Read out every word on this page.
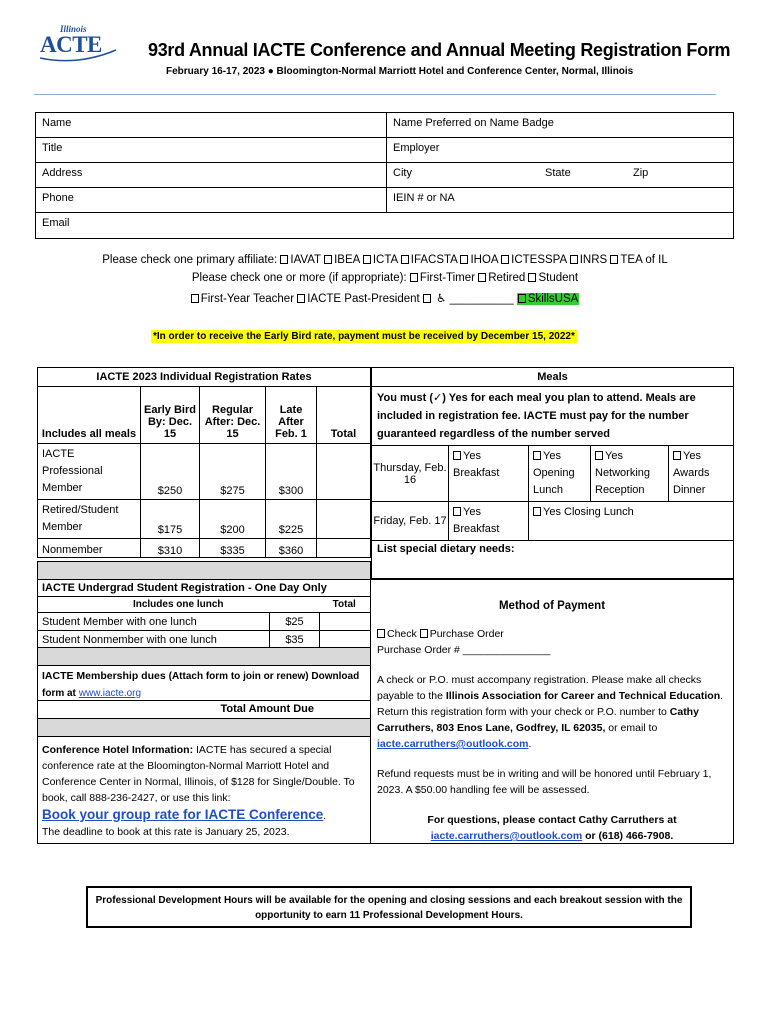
Illinois
ACTE	93rd Annual IACTE Conference and Annual Meeting Registration Form
February 16-17, 2023 ● Bloomington-Normal Marriott Hotel and Conference Center, Normal, Illinois
Name	Name Preferred on Name Badge
Title	Employer
Address	City	State	Zip
Phone	IEIN # or NA
Email
Please check one primary affiliate: IAVAT IBEA ICTA IFACSTA IHOA ICTESSPA INRS TEA of IL
Please check one or more (if appropriate): First-Timer Retired Student
First-Year Teacher IACTE Past-President ♿ __________ SkillsUSA
*In order to receive the Early Bird rate, payment must be received by December 15, 2022*
IACTE 2023 Individual Registration Rates				
Includes all meals	Early Bird By: Dec. 15	Regular After: Dec. 15	Late After Feb. 1	Total
IACTE Professional Member	$250	$275	$300	
Retired/Student Member	$175	$200	$225	
Nonmember	$310	$335	$360	
Meals				
You must (✓) Yes for each meal you plan to attend. Meals are included in registration fee. IACTE must pay for the number guaranteed regardless of the number served				
Thursday, Feb. 16	Yes Breakfast	Yes Opening Lunch	Yes Networking Reception	Yes Awards Dinner
Friday, Feb. 17	Yes Breakfast	Yes Closing Lunch		
List special dietary needs:				
IACTE Undergrad Student Registration - One Day Only
Includes one lunch	Total
Student Member with one lunch	$25	
Student Nonmember with one lunch	$35	
IACTE Membership dues (Attach form to join or renew) Download form at www.iacte.org
Total Amount Due
Conference Hotel Information: IACTE has secured a special conference rate at the Bloomington-Normal Marriott Hotel and Conference Center in Normal, Illinois, of $128 for Single/Double. To book, call 888-236-2427, or use this link:
Book your group rate for IACTE Conference.
The deadline to book at this rate is January 25, 2023.
Method of Payment
Check Purchase Order
Purchase Order # _______________
A check or P.O. must accompany registration. Please make all checks payable to the Illinois Association for Career and Technical Education. Return this registration form with your check or P.O. number to Cathy Carruthers, 803 Enos Lane, Godfrey, IL 62035, or email to iacte.carruthers@outlook.com.
Refund requests must be in writing and will be honored until February 1, 2023. A $50.00 handling fee will be assessed.
For questions, please contact Cathy Carruthers at
iacte.carruthers@outlook.com or (618) 466-7908.
Professional Development Hours will be available for the opening and closing sessions and each breakout session with the opportunity to earn 11 Professional Development Hours.
